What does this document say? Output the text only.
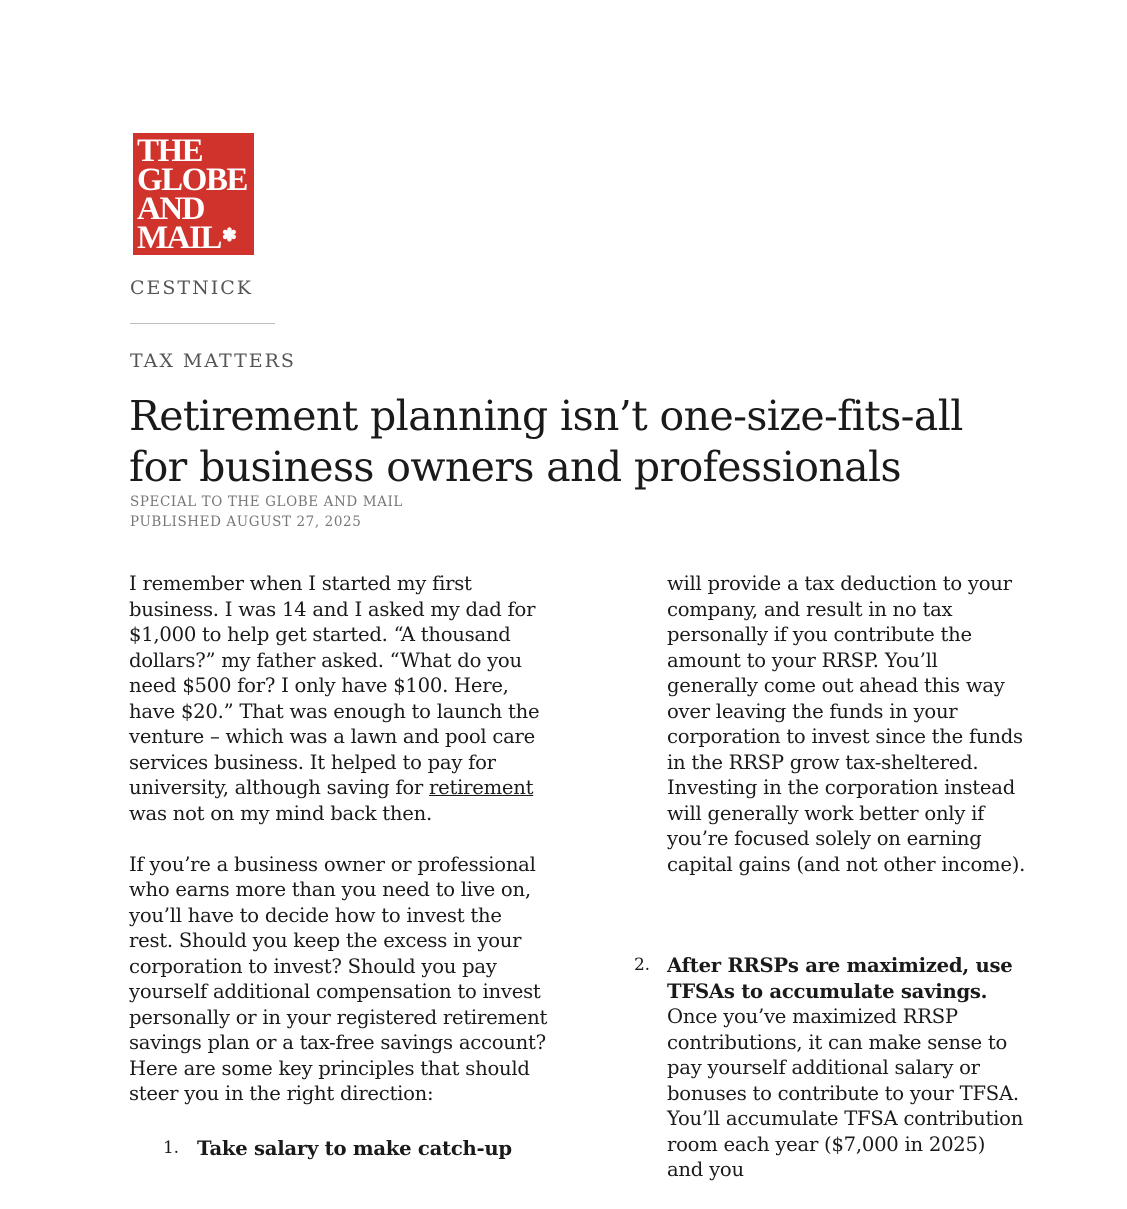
THE
GLOBE
AND
MAIL✽
CESTNICK
TAX MATTERS
Retirement planning isn’t one-size-fits-all
for business owners and professionals
SPECIAL TO THE GLOBE AND MAIL
PUBLISHED AUGUST 27, 2025

I remember when I started my first business. I was 14 and I asked my dad for $1,000 to help get started. “A thousand dollars?” my father asked. “What do you need $500 for? I only have $100. Here, have $20.” That was enough to launch the venture – which was a lawn and pool care services business. It helped to pay for university, although saving for retirement was not on my mind back then.

If you’re a business owner or professional who earns more than you need to live on, you’ll have to decide how to invest the rest. Should you keep the excess in your corporation to invest? Should you pay yourself additional compensation to invest personally or in your registered retirement savings plan or a tax-free savings account? Here are some key principles that should steer you in the right direction:

1. Take salary to make catch-up

will provide a tax deduction to your company, and result in no tax personally if you contribute the amount to your RRSP. You’ll generally come out ahead this way over leaving the funds in your corporation to invest since the funds in the RRSP grow tax-sheltered. Investing in the corporation instead will generally work better only if you’re focused solely on earning capital gains (and not other income).

2. After RRSPs are maximized, use TFSAs to accumulate savings. Once you’ve maximized RRSP contributions, it can make sense to pay yourself additional salary or bonuses to contribute to your TFSA. You’ll accumulate TFSA contribution room each year ($7,000 in 2025) and you
